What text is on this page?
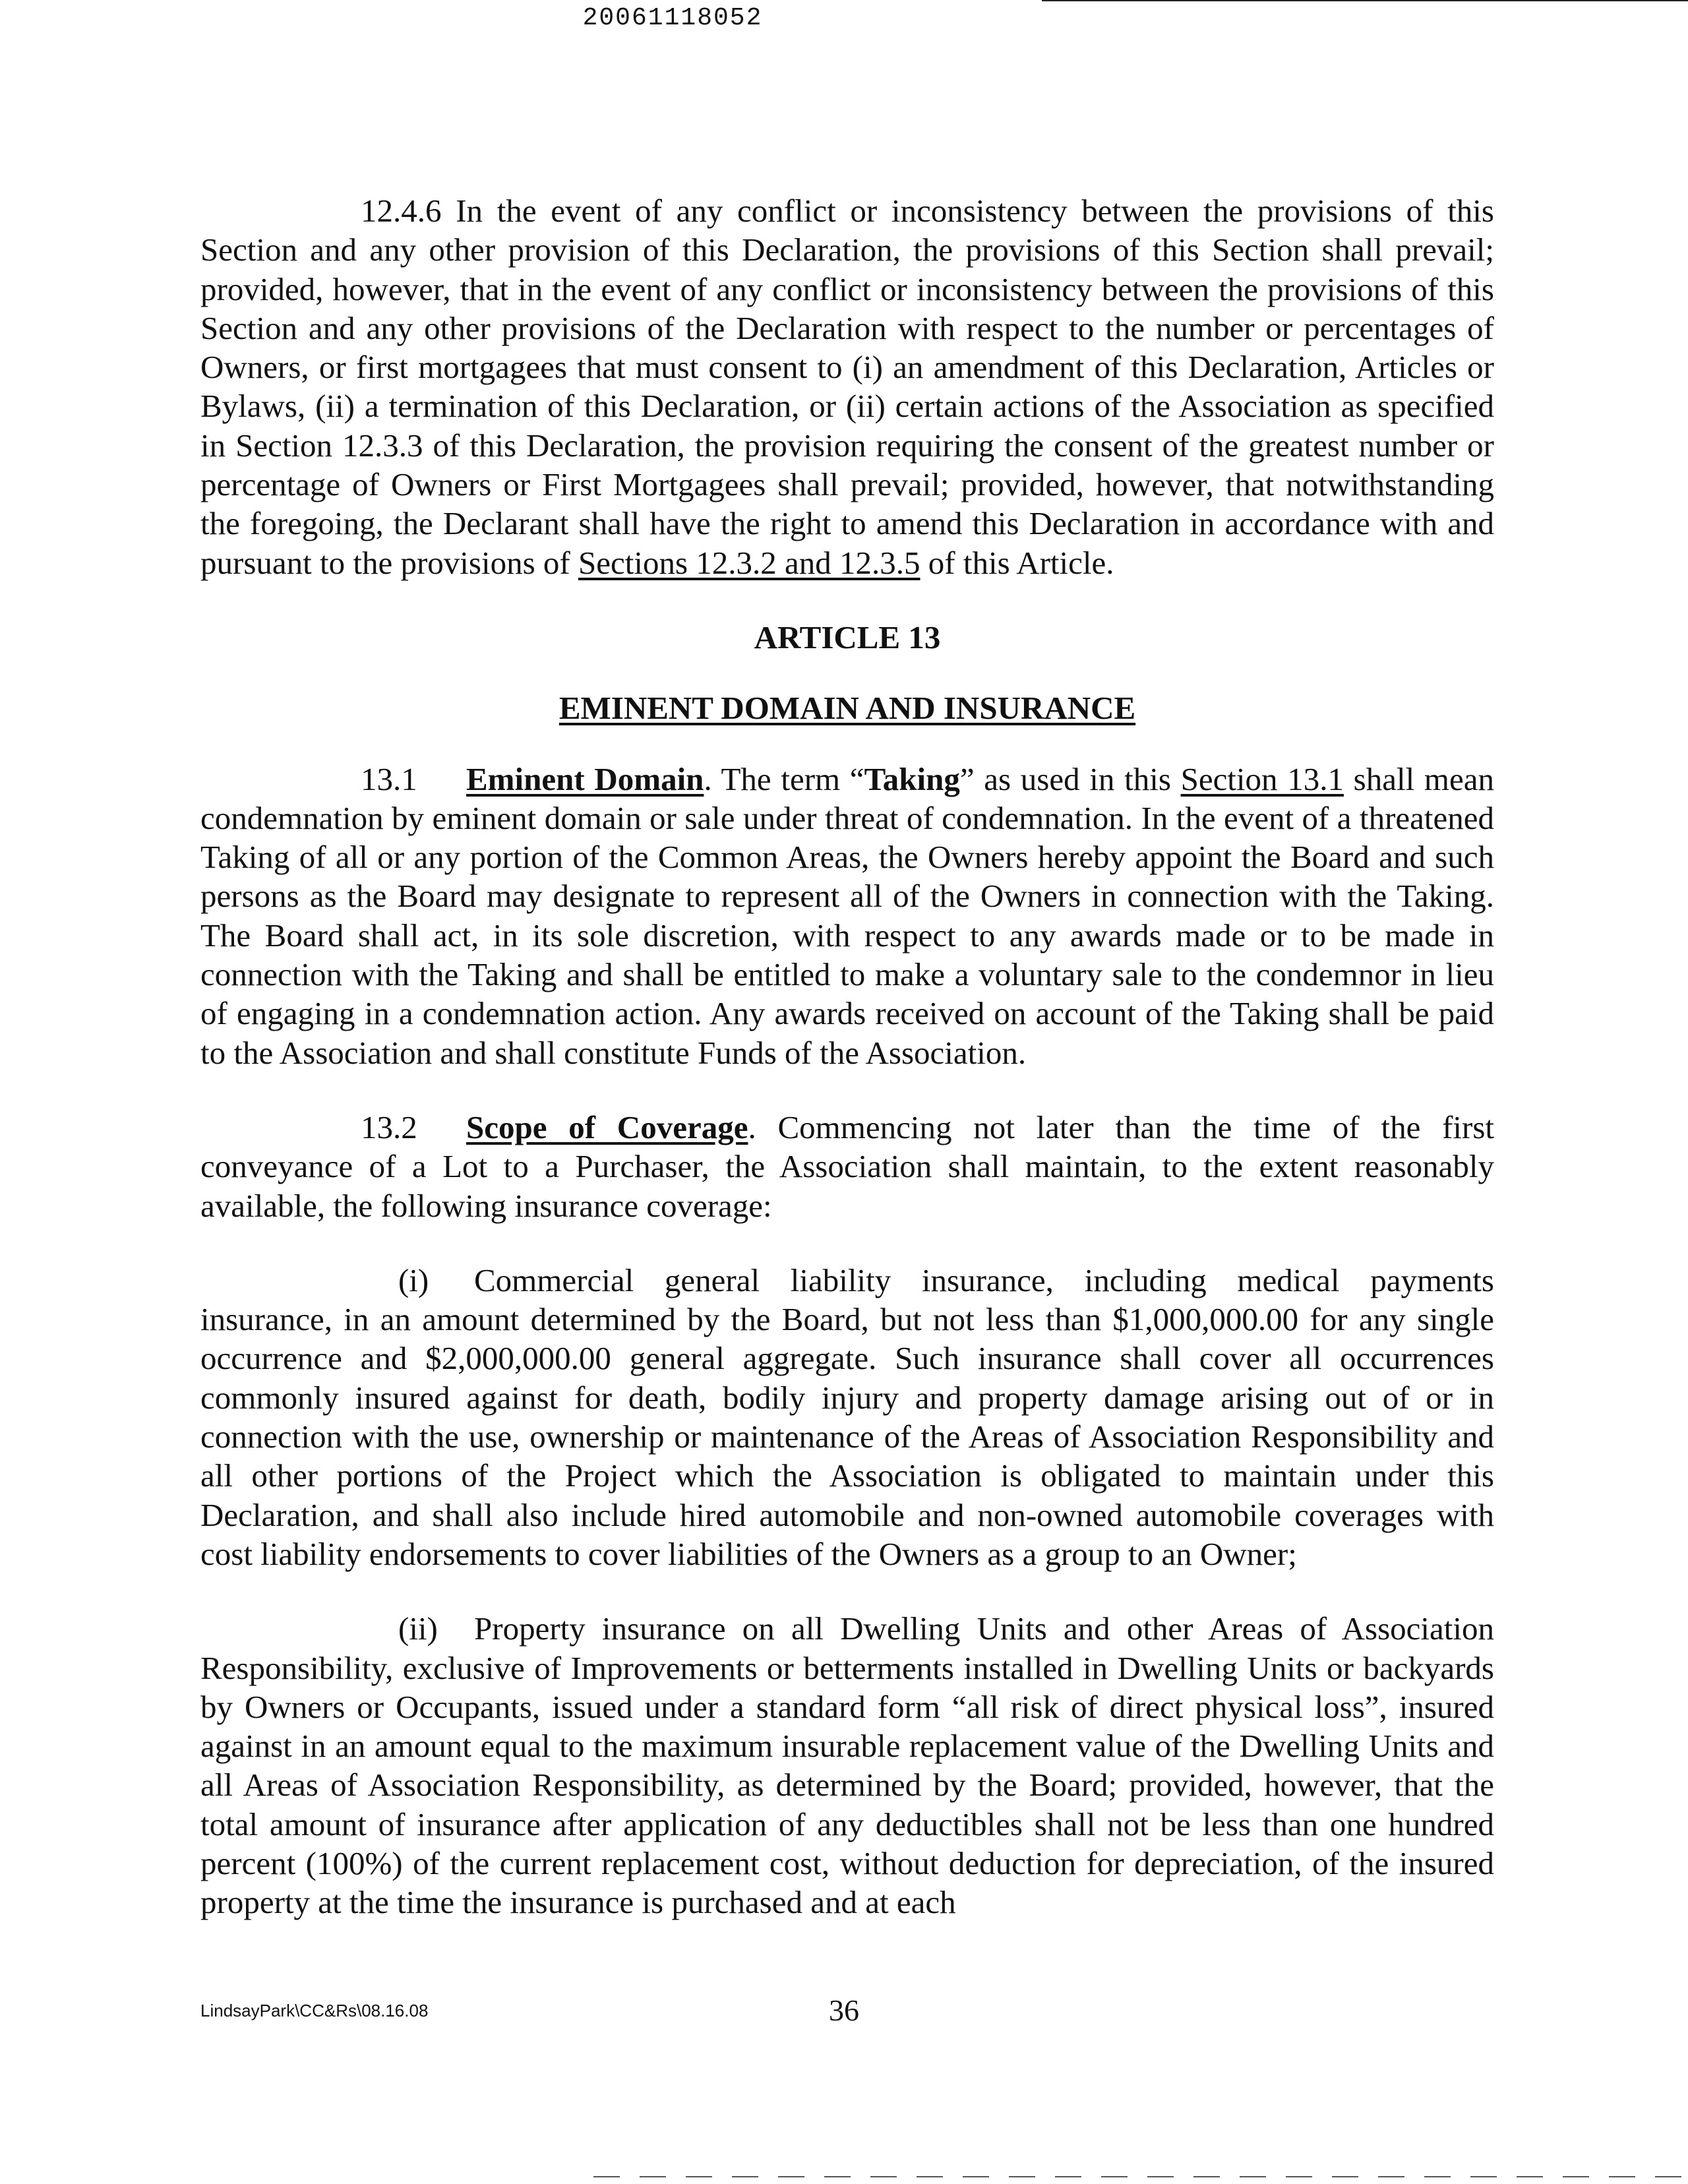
20061118052

12.4.6 In the event of any conflict or inconsistency between the provisions of this Section and any other provision of this Declaration, the provisions of this Section shall prevail; provided, however, that in the event of any conflict or inconsistency between the provisions of this Section and any other provisions of the Declaration with respect to the number or percentages of Owners, or first mortgagees that must consent to (i) an amendment of this Declaration, Articles or Bylaws, (ii) a termination of this Declaration, or (ii) certain actions of the Association as specified in Section 12.3.3 of this Declaration, the provision requiring the consent of the greatest number or percentage of Owners or First Mortgagees shall prevail; provided, however, that notwithstanding the foregoing, the Declarant shall have the right to amend this Declaration in accordance with and pursuant to the provisions of Sections 12.3.2 and 12.3.5 of this Article.

ARTICLE 13

EMINENT DOMAIN AND INSURANCE

13.1 Eminent Domain. The term “Taking” as used in this Section 13.1 shall mean condemnation by eminent domain or sale under threat of condemnation. In the event of a threatened Taking of all or any portion of the Common Areas, the Owners hereby appoint the Board and such persons as the Board may designate to represent all of the Owners in connection with the Taking. The Board shall act, in its sole discretion, with respect to any awards made or to be made in connection with the Taking and shall be entitled to make a voluntary sale to the condemnor in lieu of engaging in a condemnation action. Any awards received on account of the Taking shall be paid to the Association and shall constitute Funds of the Association.

13.2 Scope of Coverage. Commencing not later than the time of the first conveyance of a Lot to a Purchaser, the Association shall maintain, to the extent reasonably available, the following insurance coverage:

(i) Commercial general liability insurance, including medical payments insurance, in an amount determined by the Board, but not less than $1,000,000.00 for any single occurrence and $2,000,000.00 general aggregate. Such insurance shall cover all occurrences commonly insured against for death, bodily injury and property damage arising out of or in connection with the use, ownership or maintenance of the Areas of Association Responsibility and all other portions of the Project which the Association is obligated to maintain under this Declaration, and shall also include hired automobile and non-owned automobile coverages with cost liability endorsements to cover liabilities of the Owners as a group to an Owner;

(ii) Property insurance on all Dwelling Units and other Areas of Association Responsibility, exclusive of Improvements or betterments installed in Dwelling Units or backyards by Owners or Occupants, issued under a standard form “all risk of direct physical loss”, insured against in an amount equal to the maximum insurable replacement value of the Dwelling Units and all Areas of Association Responsibility, as determined by the Board; provided, however, that the total amount of insurance after application of any deductibles shall not be less than one hundred percent (100%) of the current replacement cost, without deduction for depreciation, of the insured property at the time the insurance is purchased and at each

LindsayPark\CC&Rs\08.16.08	36
